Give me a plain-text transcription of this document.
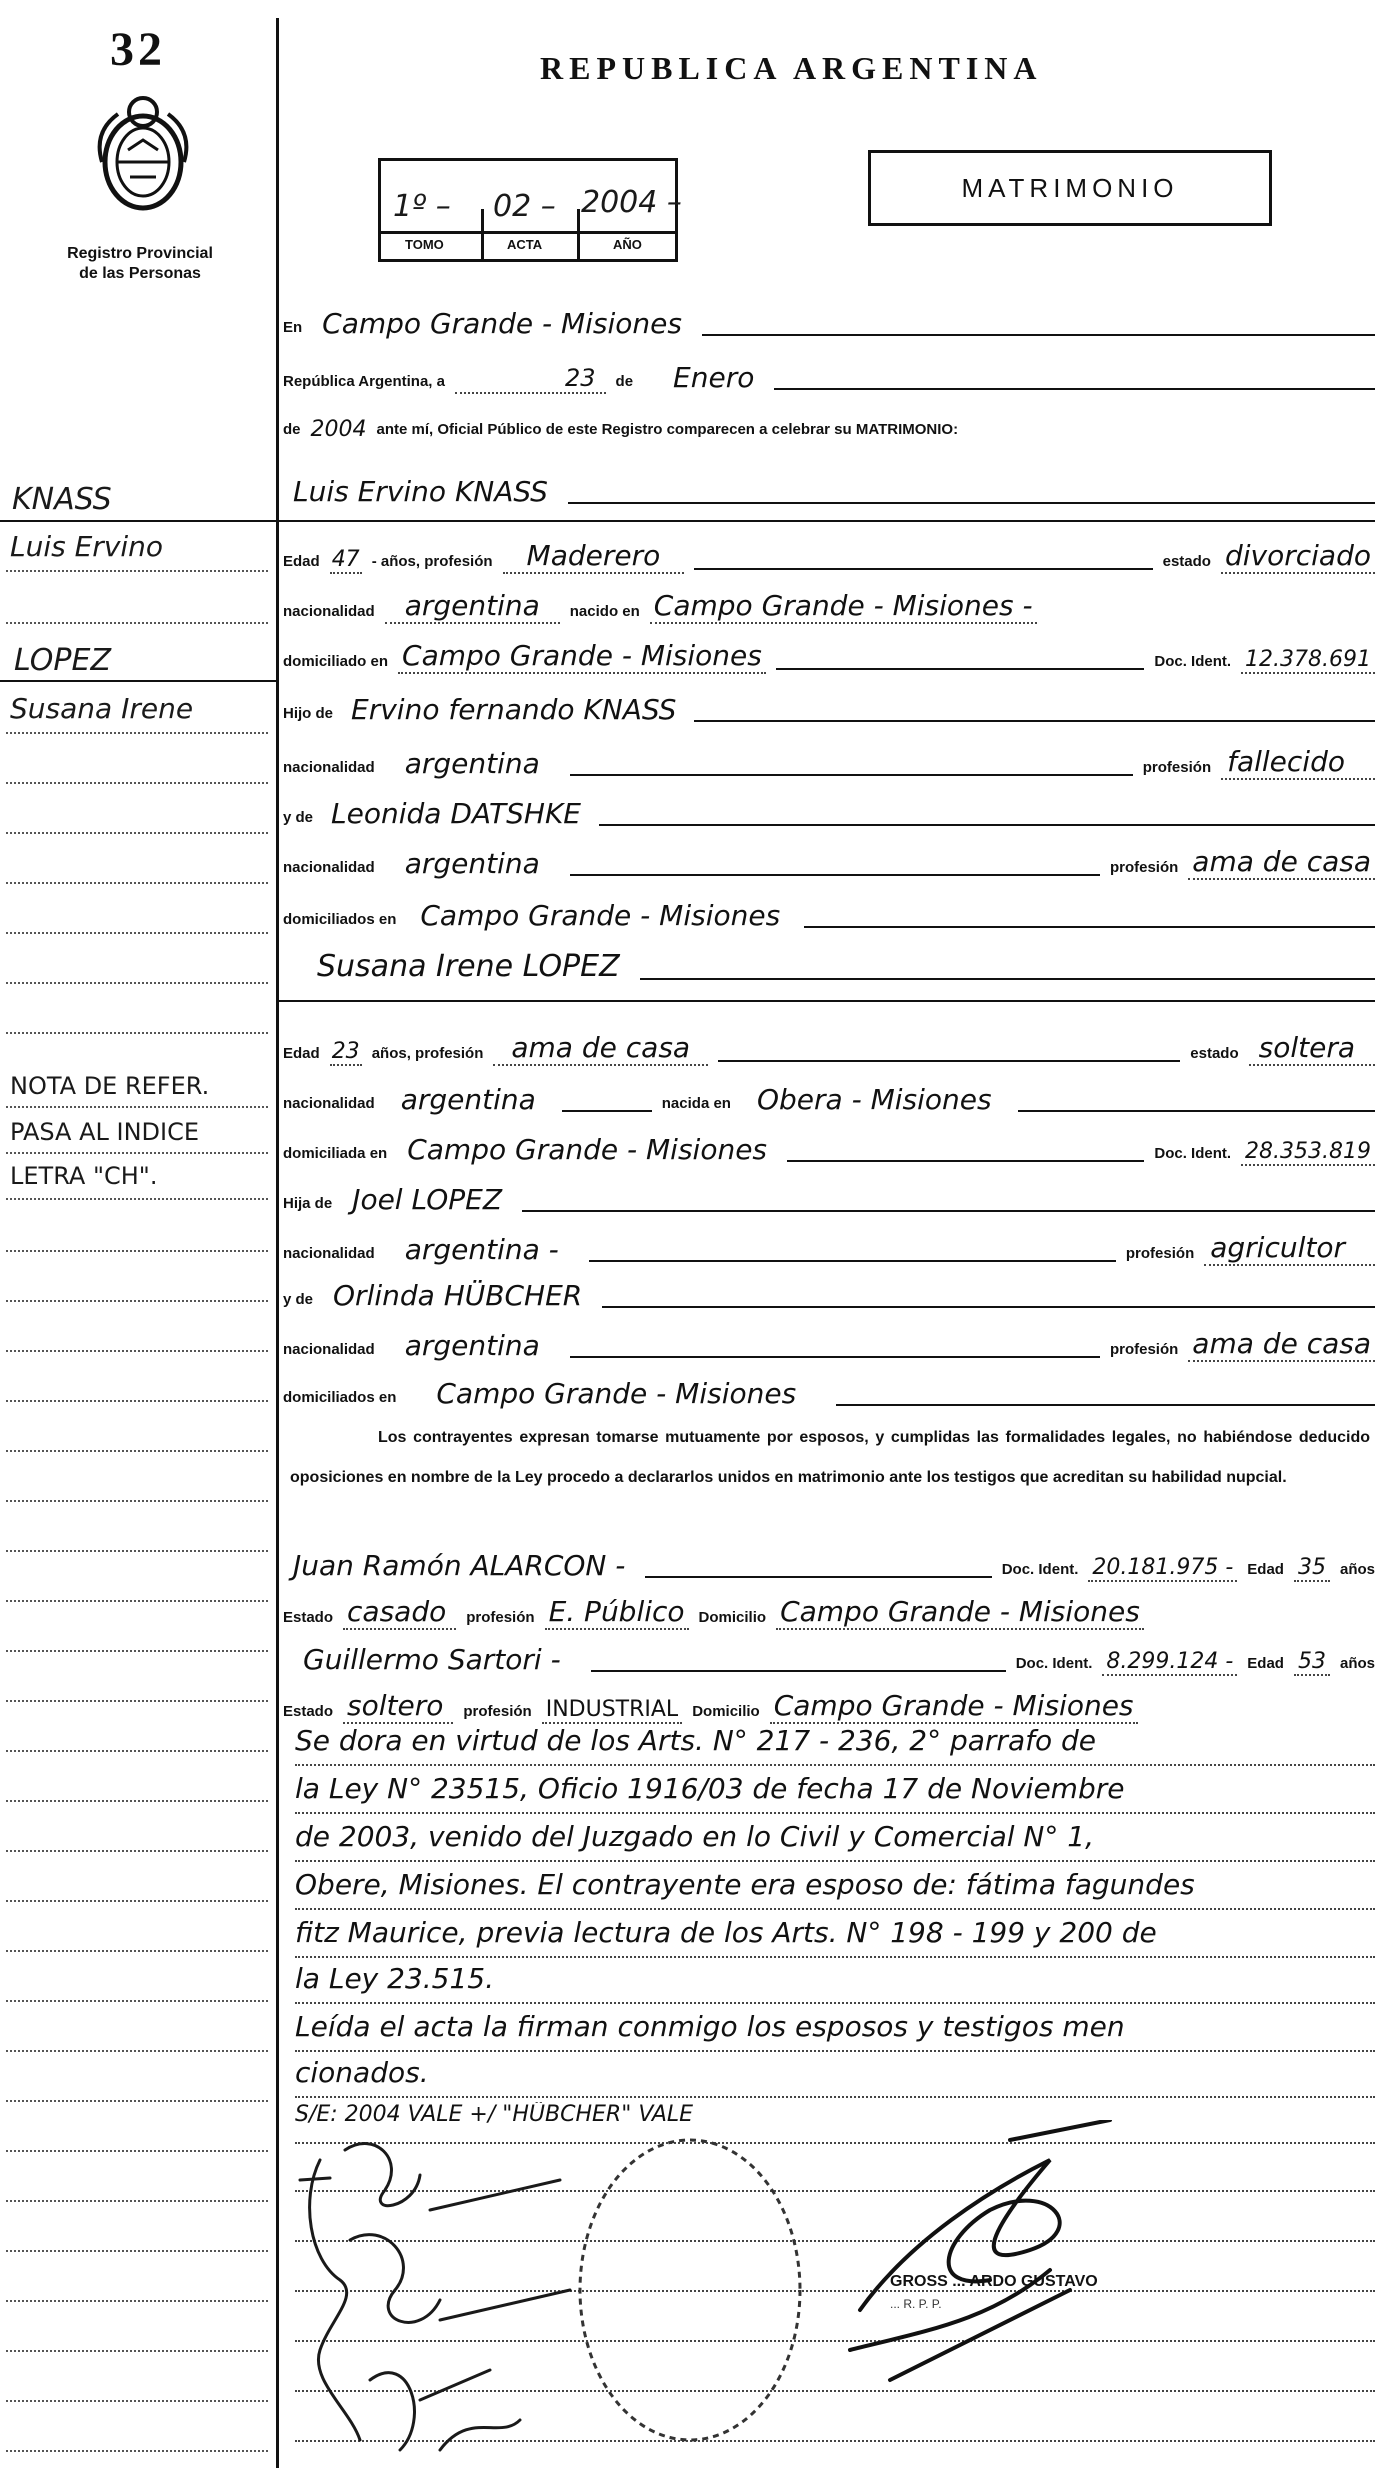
32
Registro Provincial
de las Personas
KNASS
Luis Ervino
LOPEZ
Susana Irene
NOTA DE REFER.
PASA AL INDICE
LETRA "CH".
REPUBLICA ARGENTINA
1º – 02 – 2004 –
TOMO	ACTA	AÑO
MATRIMONIO
En Campo Grande - Misiones
República Argentina, a	23	de	Enero
de 2004 ante mí, Oficial Público de este Registro comparecen a celebrar su MATRIMONIO:
Luis Ervino KNASS
Edad 47 - años, profesión	Maderero	estado divorciado
nacionalidad	argentina	nacido en Campo Grande - Misiones -
domiciliado en Campo Grande - Misiones	Doc. Ident. 12.378.691
Hijo de Ervino fernando KNASS
nacionalidad	argentina	profesión fallecido
y de Leonida DATSHKE
nacionalidad	argentina	profesión ama de casa
domiciliados en Campo Grande - Misiones
Susana Irene LOPEZ
Edad 23 años, profesión	ama de casa	estado soltera
nacionalidad argentina	nacida en Obera - Misiones
domiciliada en Campo Grande - Misiones	Doc. Ident. 28.353.819
Hija de Joel LOPEZ
nacionalidad	argentina -	profesión agricultor
y de Orlinda HÜBCHER
nacionalidad	argentina	profesión ama de casa
domiciliados en	Campo Grande - Misiones
Los contrayentes expresan tomarse mutuamente por esposos, y cumplidas las formalidades legales, no habiéndose deducido oposiciones en nombre de la Ley procedo a declararlos unidos en matrimonio ante los testigos que acreditan su habilidad nupcial.
Juan Ramón ALARCON -	Doc. Ident. 20.181.975 - Edad 35 años
Estado casado	profesión E. Público Domicilio Campo Grande - Misiones
Guillermo Sartori -	Doc. Ident. 8.299.124 - Edad 53 años
Estado soltero	profesión INDUSTRIAL Domicilio Campo Grande - Misiones
Se dora en virtud de los Arts. N° 217 - 236, 2° parrafo de
la Ley N° 23515, Oficio 1916/03 de fecha 17 de Noviembre
de 2003, venido del Juzgado en lo Civil y Comercial N° 1,
Obere, Misiones. El contrayente era esposo de: fátima fagundes
fitz Maurice, previa lectura de los Arts. N° 198 - 199 y 200 de
la Ley 23.515.
Leída el acta la firman conmigo los esposos y testigos men
cionados.
S/E: 2004 VALE +/ "HÜBCHER" VALE
GROSS ... ARDO GUSTAVO
... R. P. P.
